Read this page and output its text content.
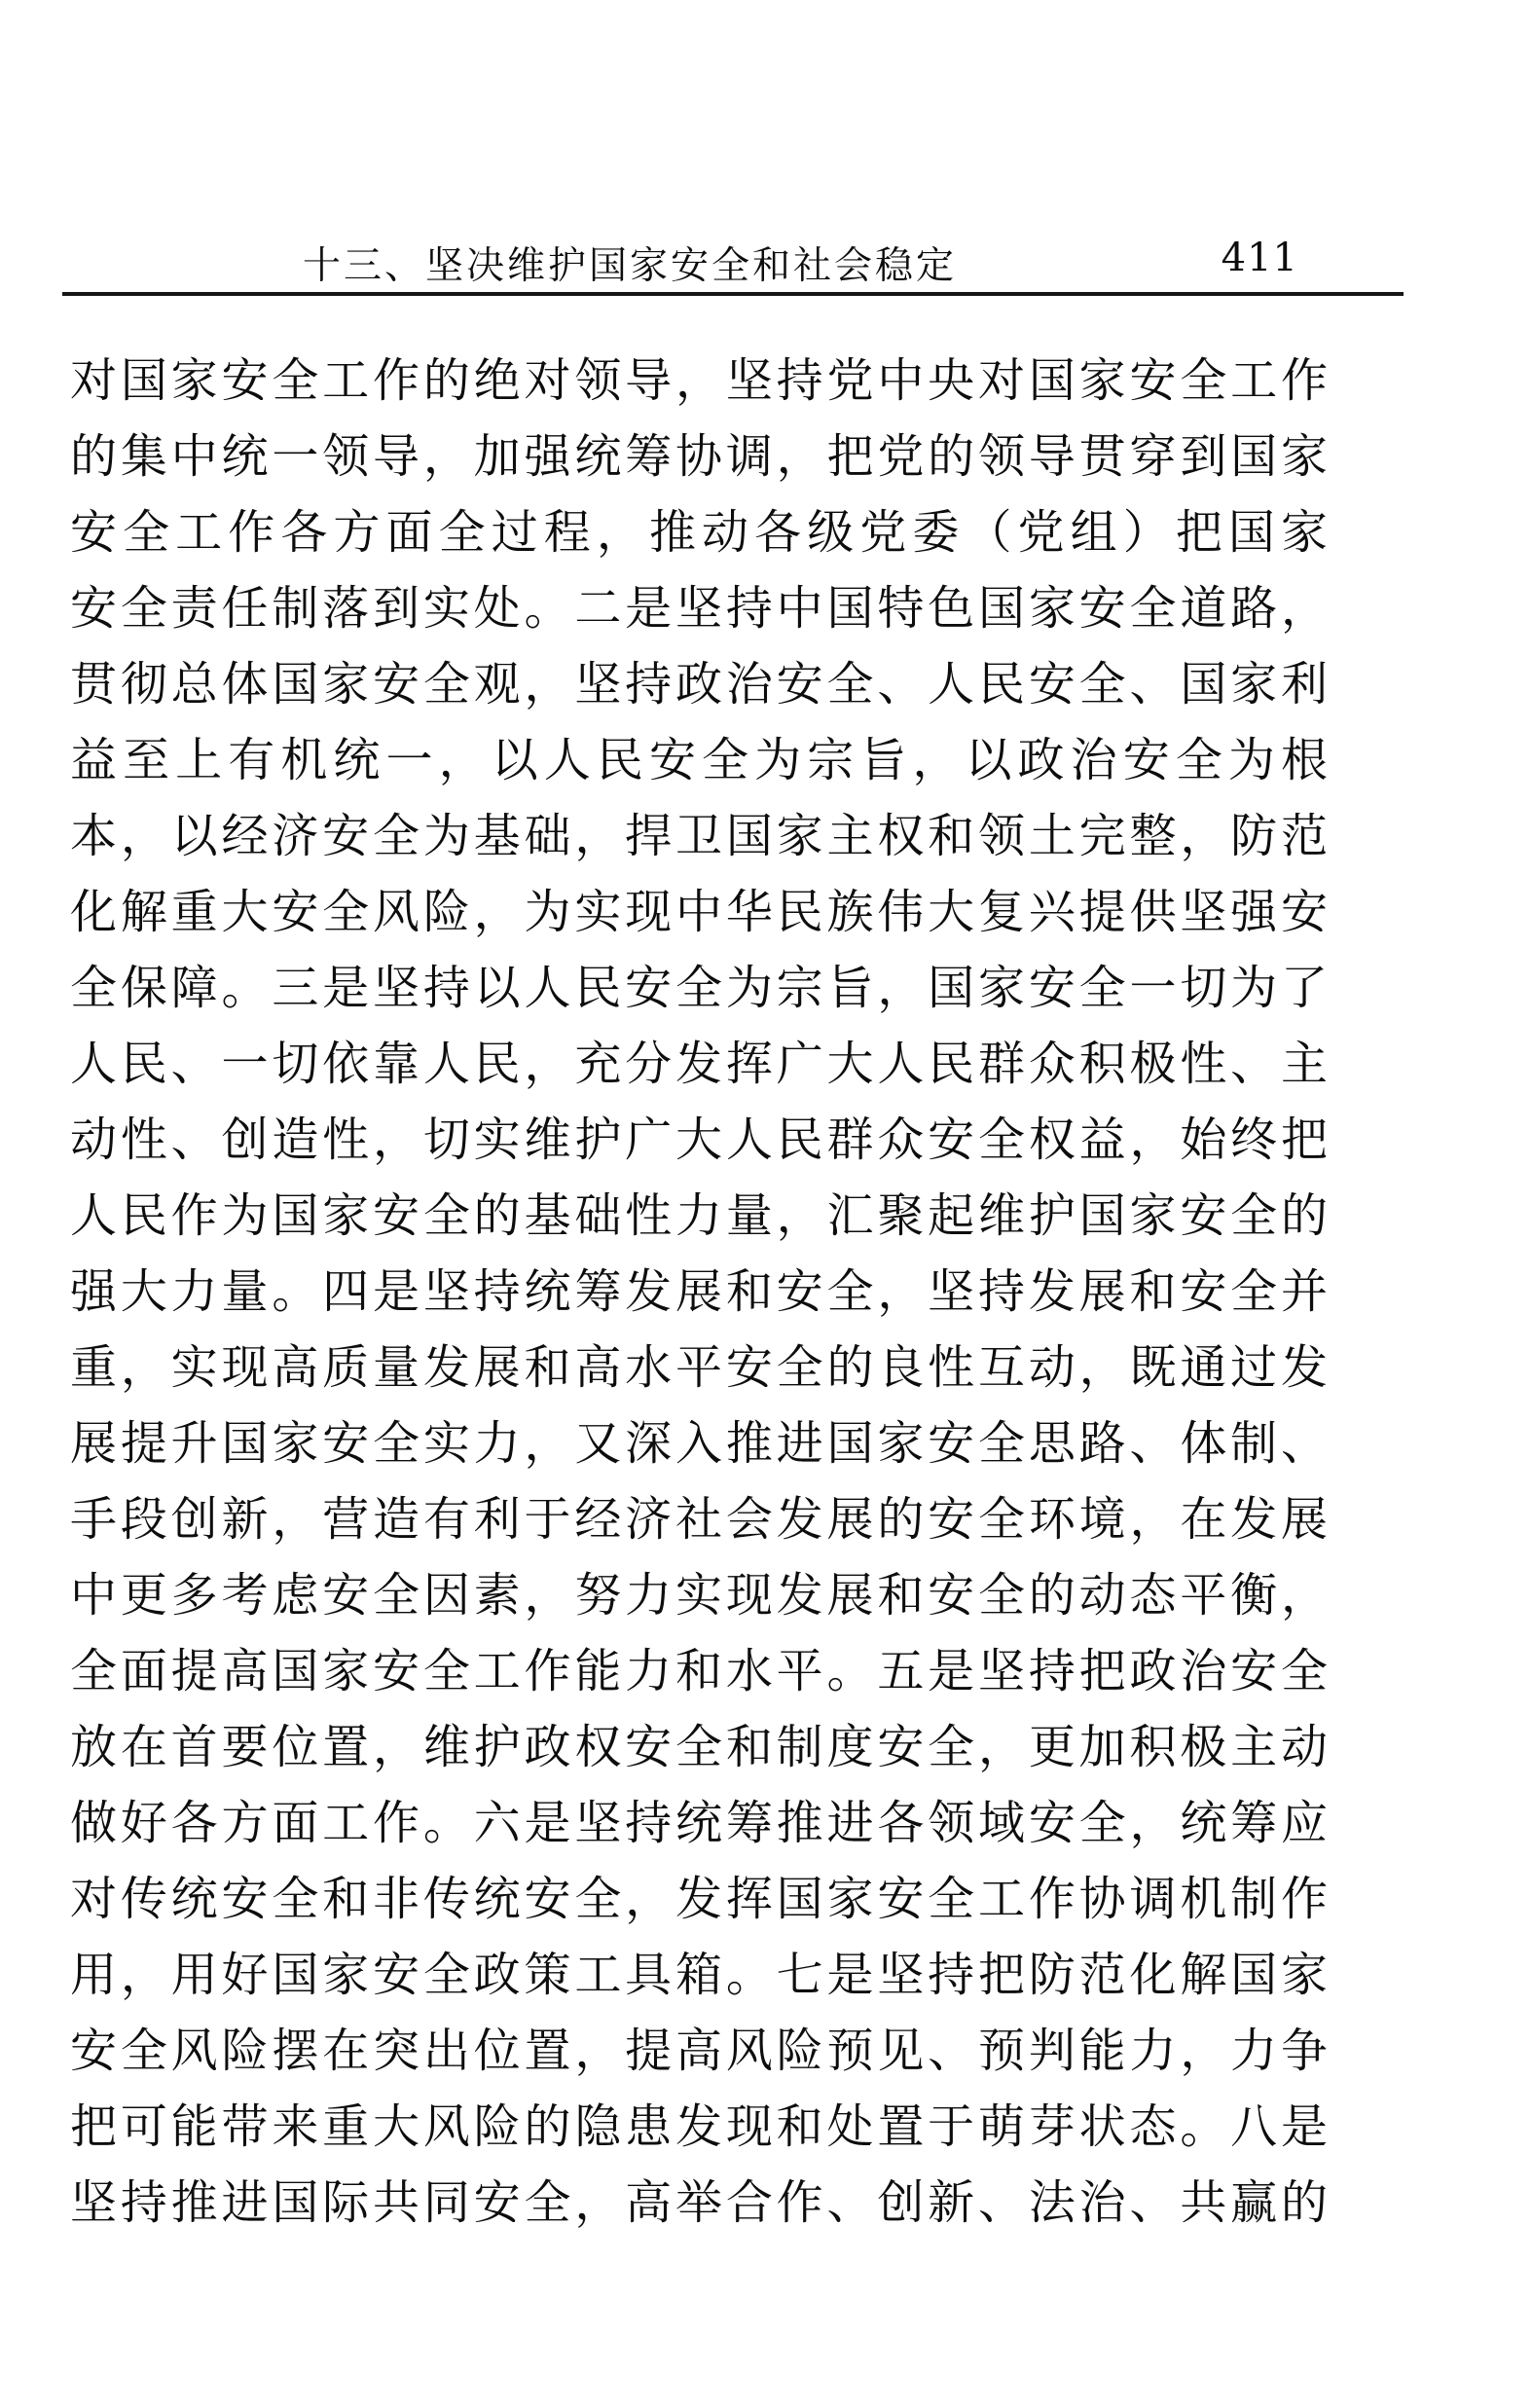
十三、坚决维护国家安全和社会稳定	411
对国家安全工作的绝对领导，坚持党中央对国家安全工作
的集中统一领导，加强统筹协调，把党的领导贯穿到国家
安全工作各方面全过程，推动各级党委（党组）把国家
安全责任制落到实处。二是坚持中国特色国家安全道路，
贯彻总体国家安全观，坚持政治安全、人民安全、国家利
益至上有机统一，以人民安全为宗旨，以政治安全为根
本，以经济安全为基础，捍卫国家主权和领土完整，防范
化解重大安全风险，为实现中华民族伟大复兴提供坚强安
全保障。三是坚持以人民安全为宗旨，国家安全一切为了
人民、一切依靠人民，充分发挥广大人民群众积极性、主
动性、创造性，切实维护广大人民群众安全权益，始终把
人民作为国家安全的基础性力量，汇聚起维护国家安全的
强大力量。四是坚持统筹发展和安全，坚持发展和安全并
重，实现高质量发展和高水平安全的良性互动，既通过发
展提升国家安全实力，又深入推进国家安全思路、体制、
手段创新，营造有利于经济社会发展的安全环境，在发展
中更多考虑安全因素，努力实现发展和安全的动态平衡，
全面提高国家安全工作能力和水平。五是坚持把政治安全
放在首要位置，维护政权安全和制度安全，更加积极主动
做好各方面工作。六是坚持统筹推进各领域安全，统筹应
对传统安全和非传统安全，发挥国家安全工作协调机制作
用，用好国家安全政策工具箱。七是坚持把防范化解国家
安全风险摆在突出位置，提高风险预见、预判能力，力争
把可能带来重大风险的隐患发现和处置于萌芽状态。八是
坚持推进国际共同安全，高举合作、创新、法治、共赢的
